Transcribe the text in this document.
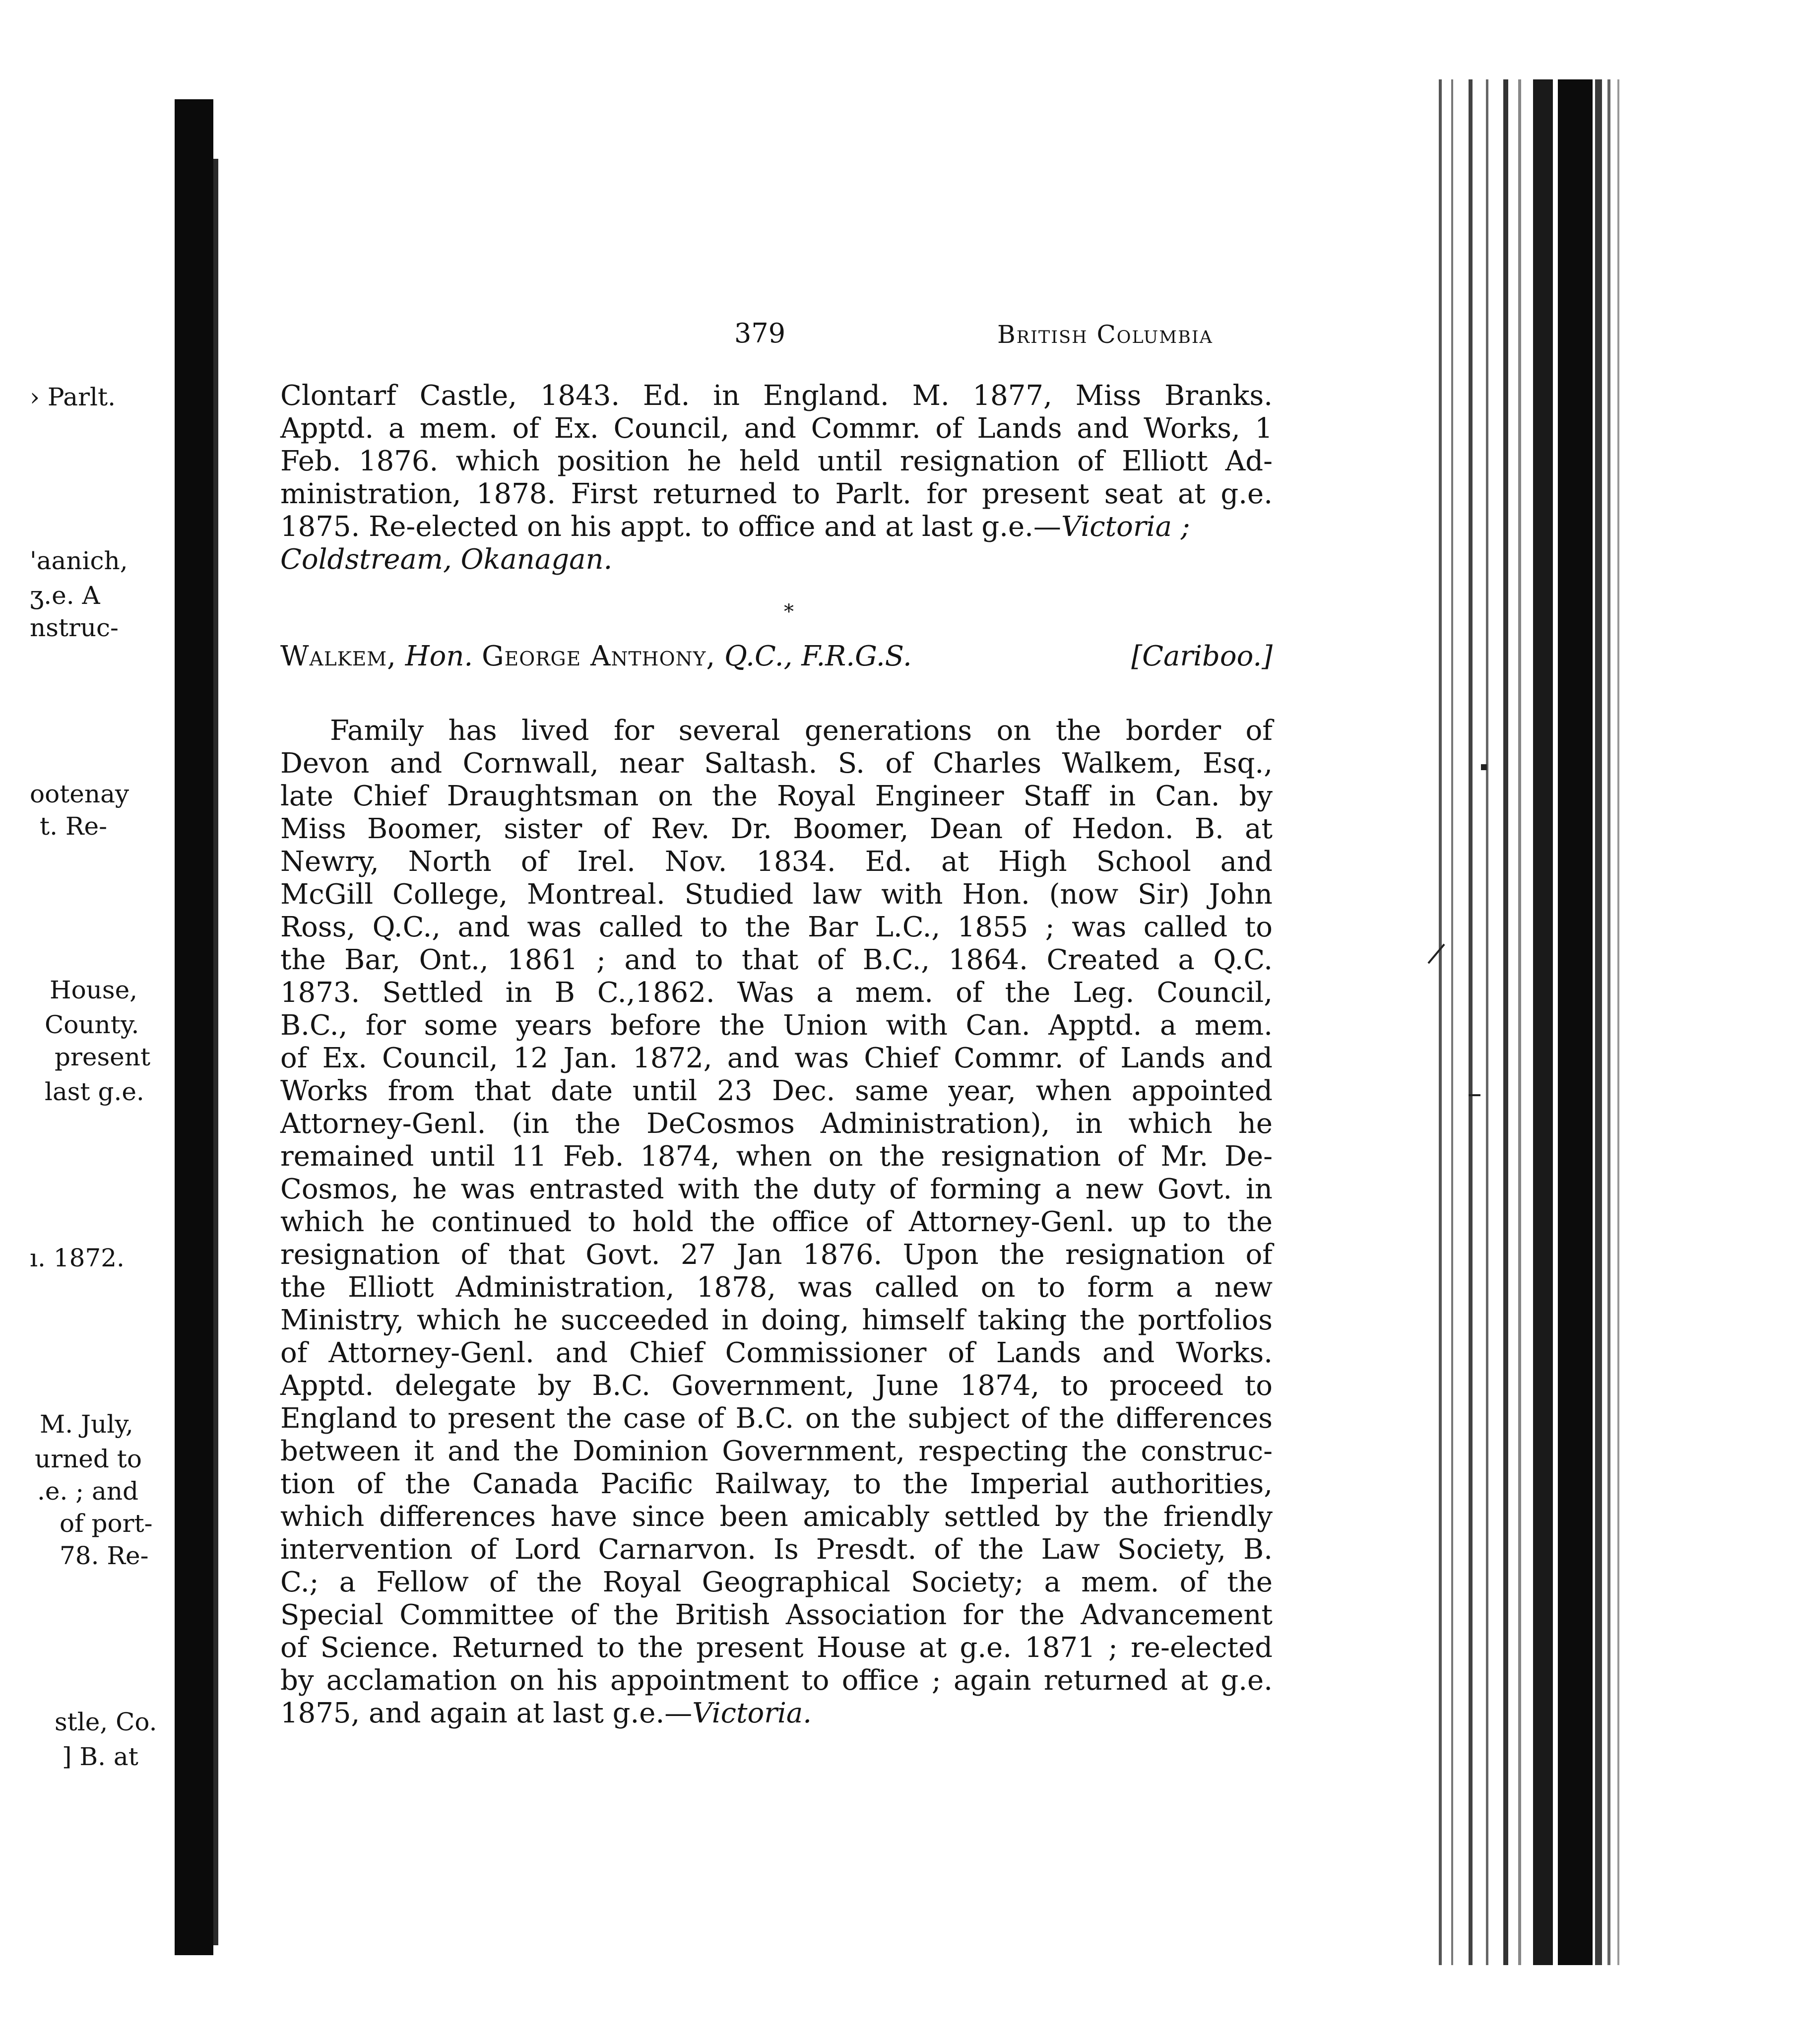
› Parlt.
'aanich,
ʒ.e. A
nstruc-
ootenay
t. Re-
House,
County.
present
last g.e.
ı. 1872.
M. July,
urned to
.e. ; and
of port-
78. Re-
stle, Co.
] B. at
379	British Columbia
Clontarf Castle, 1843. Ed. in England. M. 1877, Miss Branks.
Apptd. a mem. of Ex. Council, and Commr. of Lands and Works, 1
Feb. 1876. which position he held until resignation of Elliott Ad-
ministration, 1878. First returned to Parlt. for present seat at g.e.
1875. Re-elected on his appt. to office and at last g.e.—Victoria ;
Coldstream, Okanagan.
*
Walkem, Hon. George Anthony, Q.C., F.R.G.S.	[Cariboo.]
Family has lived for several generations on the border of
Devon and Cornwall, near Saltash. S. of Charles Walkem, Esq.,
late Chief Draughtsman on the Royal Engineer Staff in Can. by
Miss Boomer, sister of Rev. Dr. Boomer, Dean of Hedon. B. at
Newry, North of Irel. Nov. 1834. Ed. at High School and
McGill College, Montreal. Studied law with Hon. (now Sir) John
Ross, Q.C., and was called to the Bar L.C., 1855 ; was called to
the Bar, Ont., 1861 ; and to that of B.C., 1864. Created a Q.C.
1873. Settled in B C.,1862. Was a mem. of the Leg. Council,
B.C., for some years before the Union with Can. Apptd. a mem.
of Ex. Council, 12 Jan. 1872, and was Chief Commr. of Lands and
Works from that date until 23 Dec. same year, when appointed
Attorney-Genl. (in the DeCosmos Administration), in which he
remained until 11 Feb. 1874, when on the resignation of Mr. De-
Cosmos, he was entrasted with the duty of forming a new Govt. in
which he continued to hold the office of Attorney-Genl. up to the
resignation of that Govt. 27 Jan 1876. Upon the resignation of
the Elliott Administration, 1878, was called on to form a new
Ministry, which he succeeded in doing, himself taking the portfolios
of Attorney-Genl. and Chief Commissioner of Lands and Works.
Apptd. delegate by B.C. Government, June 1874, to proceed to
England to present the case of B.C. on the subject of the differences
between it and the Dominion Government, respecting the construc-
tion of the Canada Pacific Railway, to the Imperial authorities,
which differences have since been amicably settled by the friendly
intervention of Lord Carnarvon. Is Presdt. of the Law Society, B.
C.; a Fellow of the Royal Geographical Society; a mem. of the
Special Committee of the British Association for the Advancement
of Science. Returned to the present House at g.e. 1871 ; re-elected
by acclamation on his appointment to office ; again returned at g.e.
1875, and again at last g.e.—Victoria.
